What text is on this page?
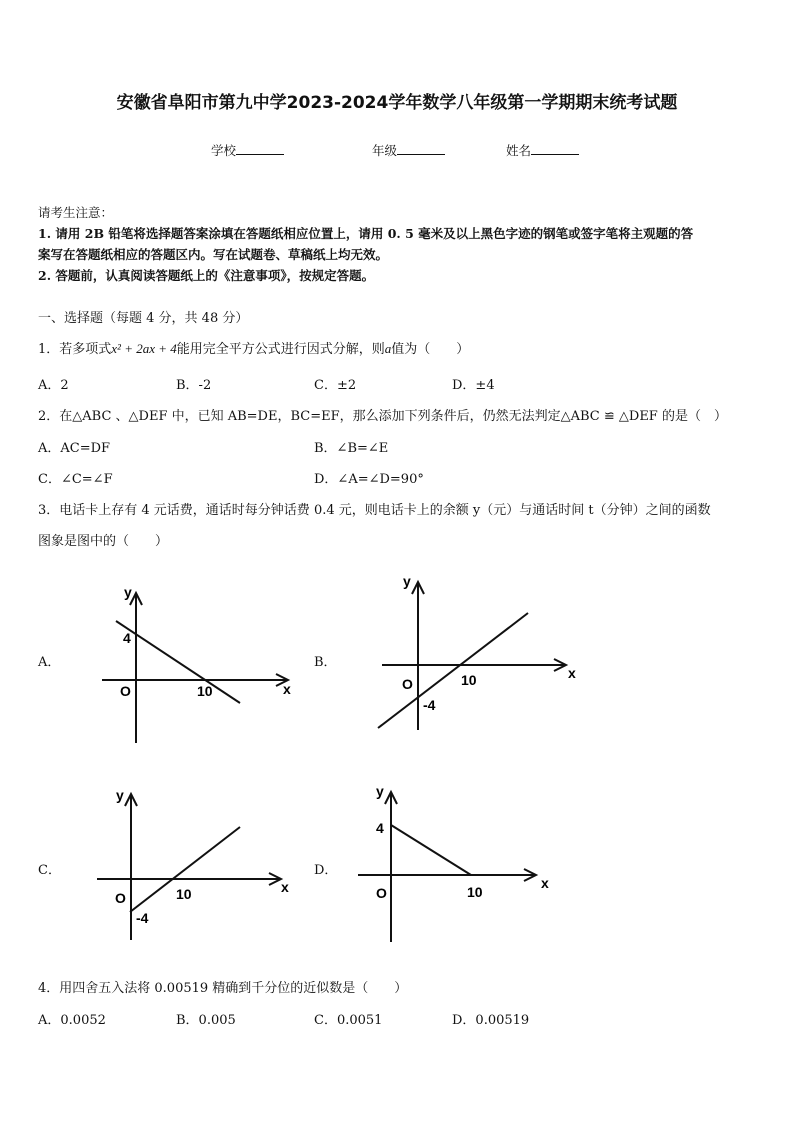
安徽省阜阳市第九中学2023-2024学年数学八年级第一学期期末统考试题
学校	年级	姓名
请考生注意：
1. 请用 2B 铅笔将选择题答案涂填在答题纸相应位置上，请用 0. 5 毫米及以上黑色字迹的钢笔或签字笔将主观题的答
案写在答题纸相应的答题区内。写在试题卷、草稿纸上均无效。
2. 答题前，认真阅读答题纸上的《注意事项》，按规定答题。
一、选择题（每题 4 分，共 48 分）
1．若多项式x² + 2ax + 4能用完全平方公式进行因式分解，则a值为（　　）
A．2	B．-2	C．±2	D．±4
2．在△ABC 、△DEF 中，已知 AB=DE，BC=EF，那么添加下列条件后，仍然无法判定△ABC ≌ △DEF 的是（　）
A．AC=DF	B．∠B=∠E
C．∠C=∠F	D．∠A=∠D=90°
3．电话卡上存有 4 元话费，通话时每分钟话费 0.4 元，则电话卡上的余额 y（元）与通话时间 t（分钟）之间的函数
图象是图中的（　　）
A．	B．
C．	D．
y
x
O
4
10
y
x
O
-4
10
y
x
O
-4
10
y
x
O
4
10
4．用四舍五入法将 0.00519 精确到千分位的近似数是（　　）
A．0.0052	B．0.005	C．0.0051	D．0.00519
